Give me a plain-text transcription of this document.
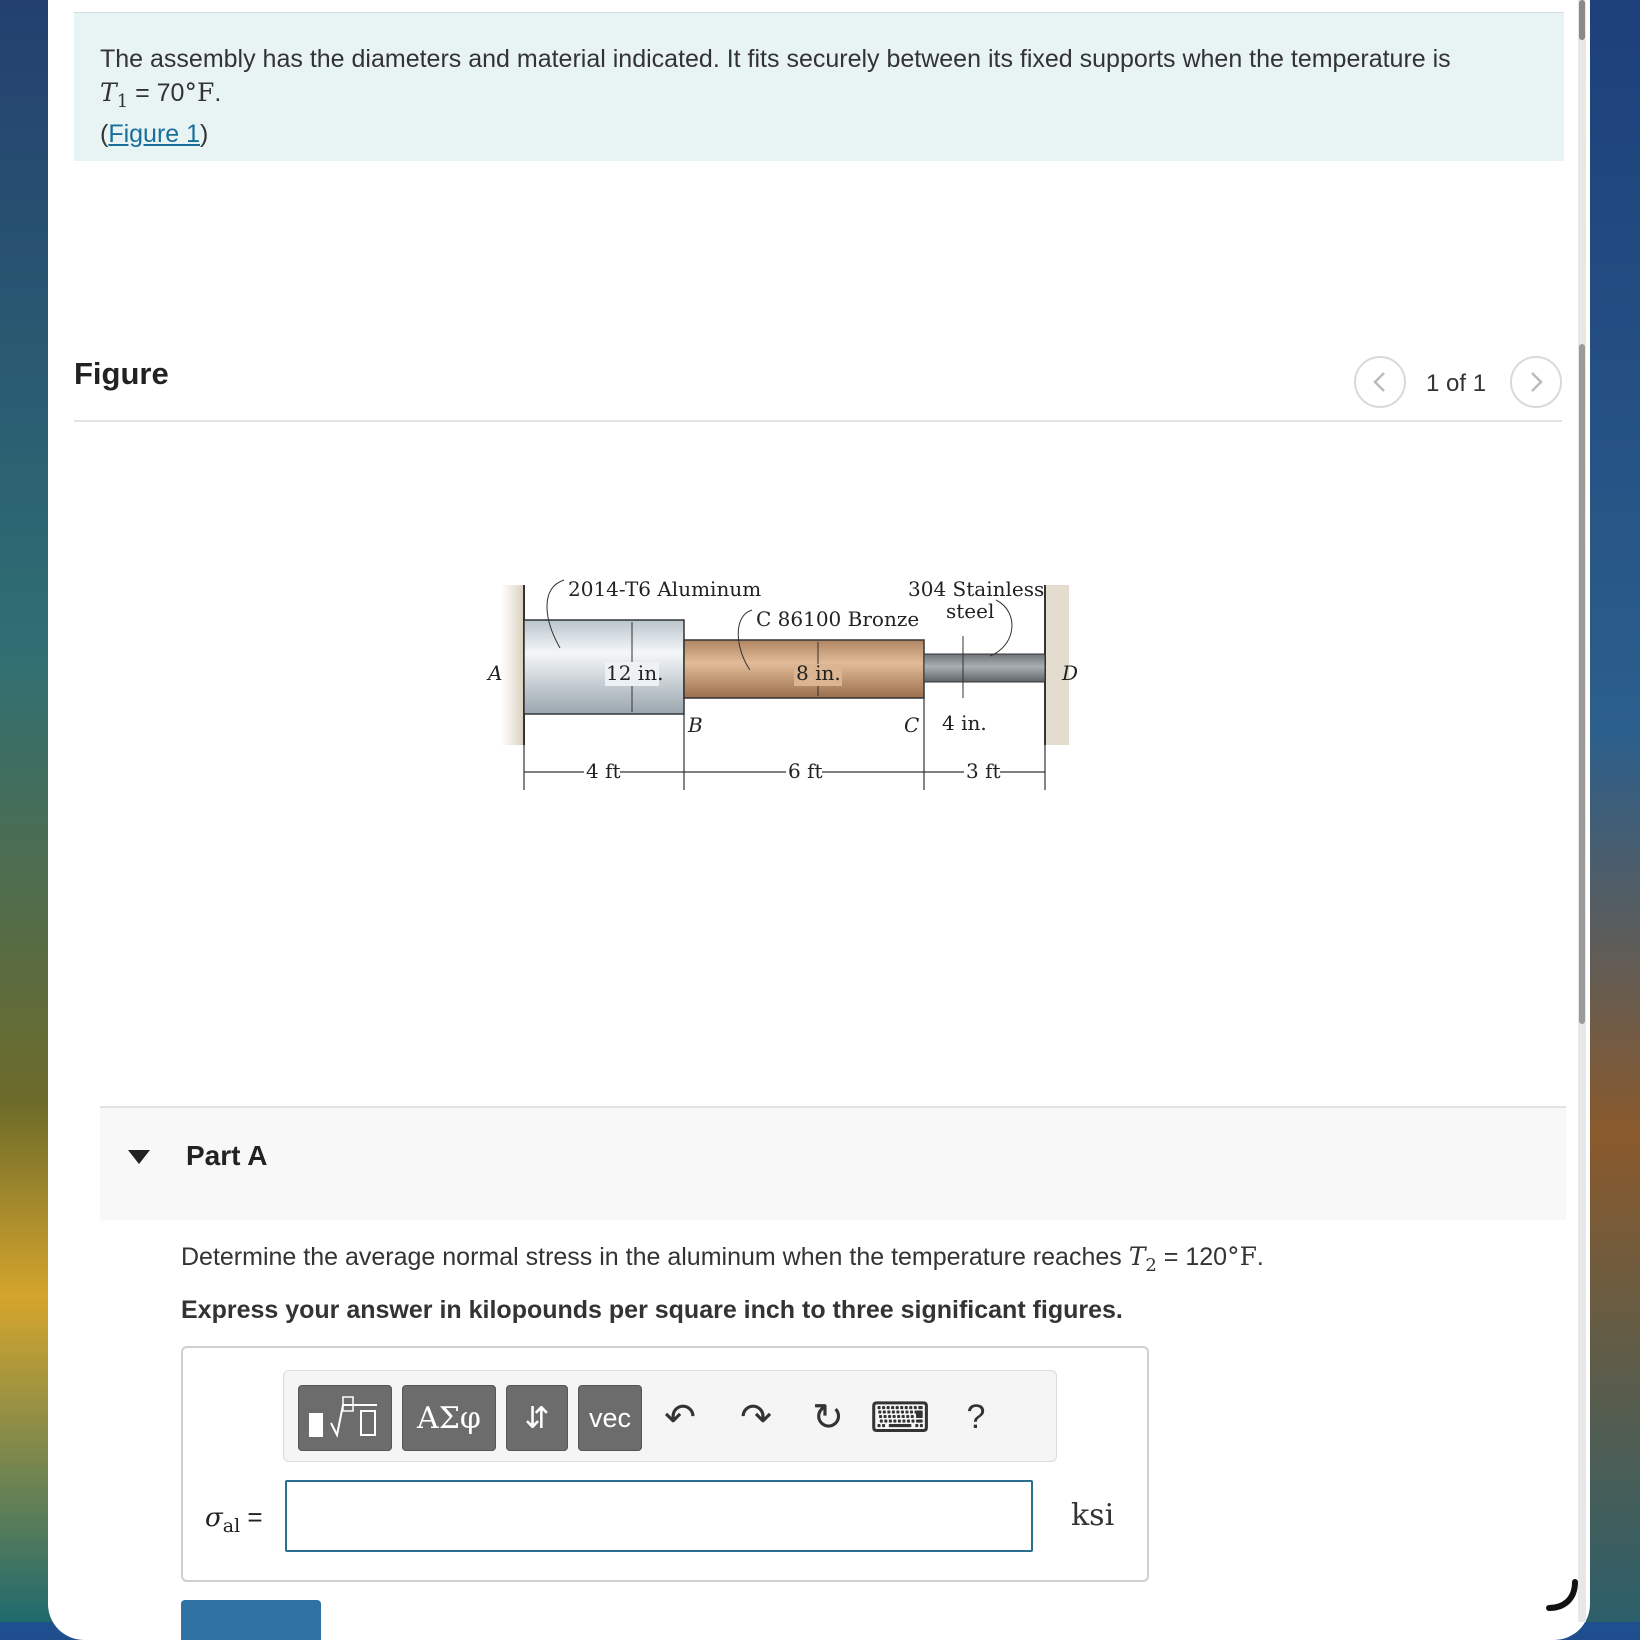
The assembly has the diameters and material indicated. It fits securely between its fixed supports when the temperature is
$T_1 = 70^\circ F$.
(Figure 1)
Figure	1 of 1
2014-T6 Aluminum
C 86100 Bronze
304 Stainless
steel
A
B	C
D
12 in.	8 in.
4 in.
4 ft	6 ft	3 ft
Part A
Determine the average normal stress in the aluminum when the temperature reaches $T_2 = 120^\circ F$.
Express your answer in kilopounds per square inch to three significant figures.
ΑΣφ	⇵	vec ↶ ↷ ↻ ⌨	?
$\sigma_{al}$ =	ksi
